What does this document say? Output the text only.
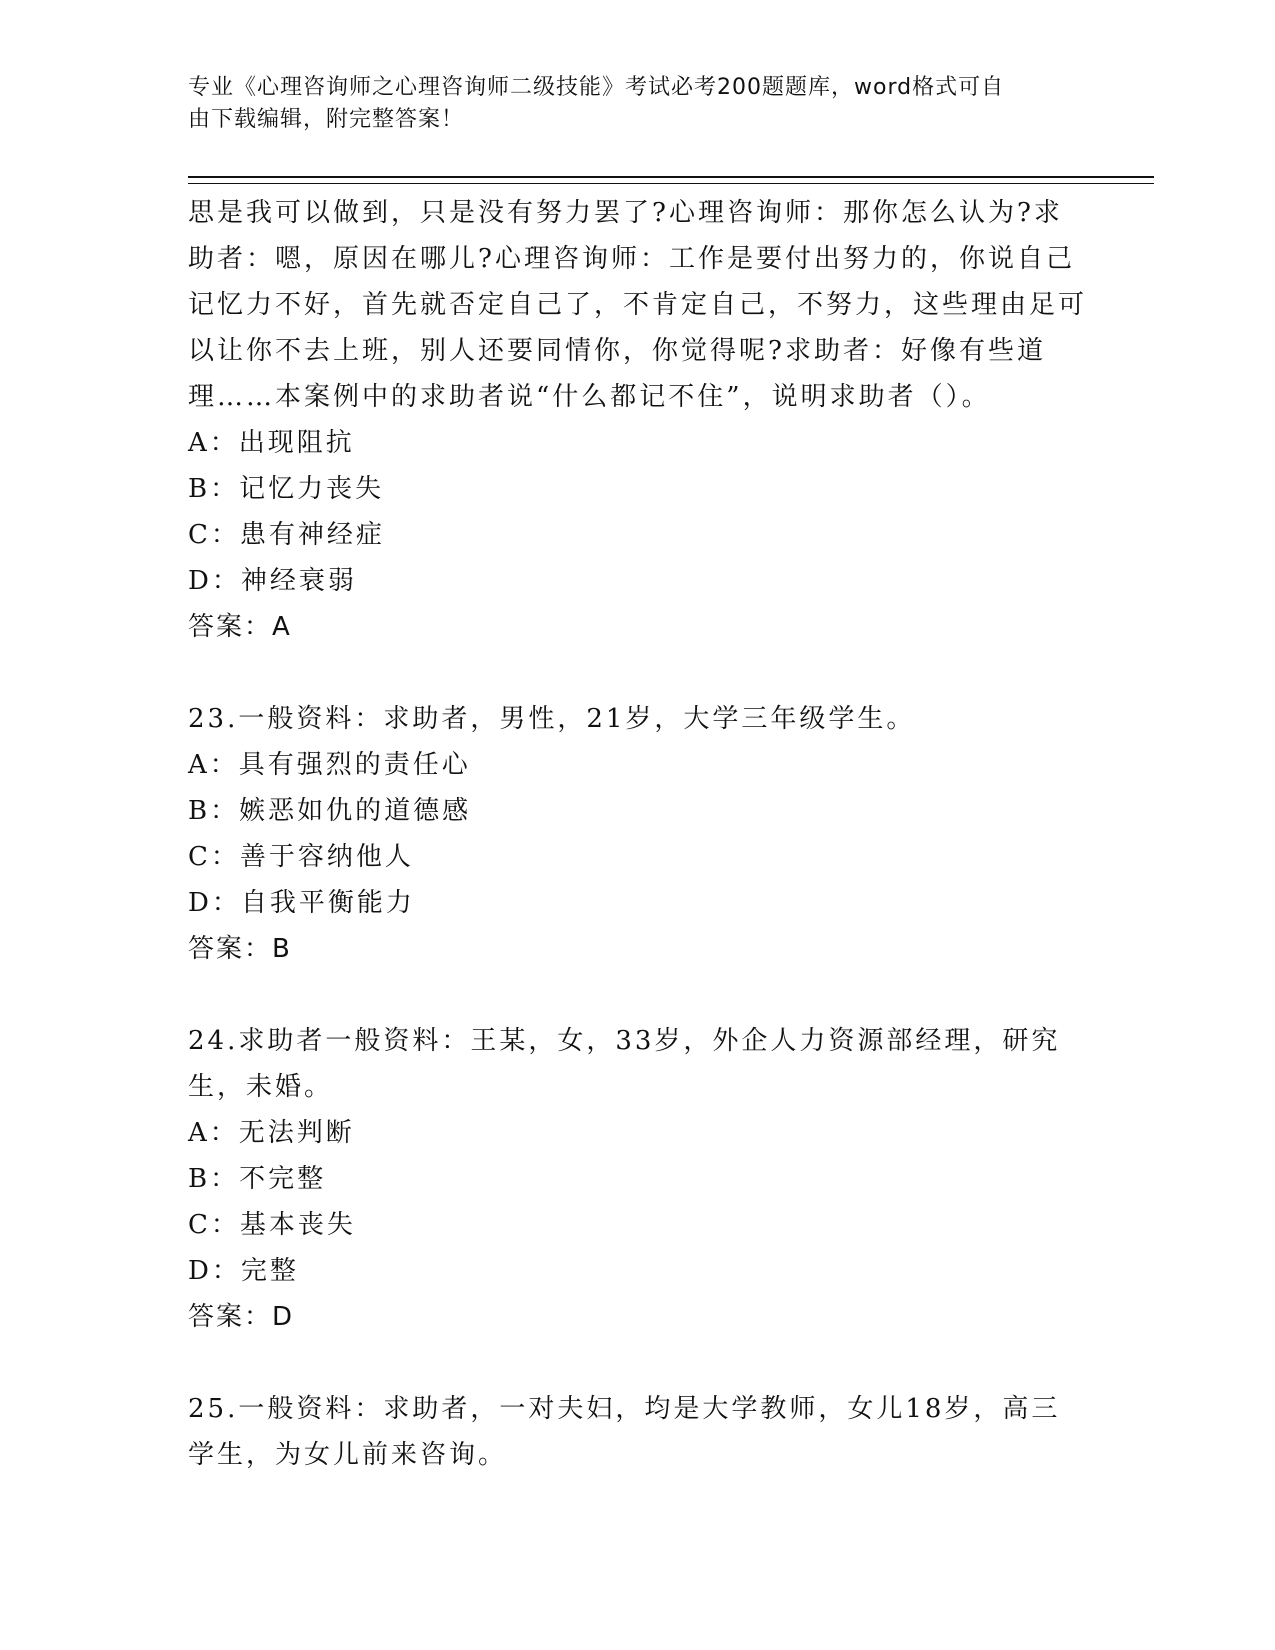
专业《心理咨询师之心理咨询师二级技能》考试必考200题题库，word格式可自
由下载编辑，附完整答案！

思是我可以做到，只是没有努力罢了?心理咨询师：那你怎么认为?求助者：嗯，原因在哪儿?心理咨询师：工作是要付出努力的，你说自己记忆力不好，首先就否定自己了，不肯定自己，不努力，这些理由足可以让你不去上班，别人还要同情你，你觉得呢?求助者：好像有些道理……本案例中的求助者说“什么都记不住”，说明求助者（）。

A：出现阻抗

B：记忆力丧失

C：患有神经症

D：神经衰弱

答案：A

23.一般资料：求助者，男性，21岁，大学三年级学生。

A：具有强烈的责任心

B：嫉恶如仇的道德感

C：善于容纳他人

D：自我平衡能力

答案：B

24.求助者一般资料：王某，女，33岁，外企人力资源部经理，研究生，未婚。

A：无法判断

B：不完整

C：基本丧失

D：完整

答案：D

25.一般资料：求助者，一对夫妇，均是大学教师，女儿18岁，高三学生，为女儿前来咨询。
